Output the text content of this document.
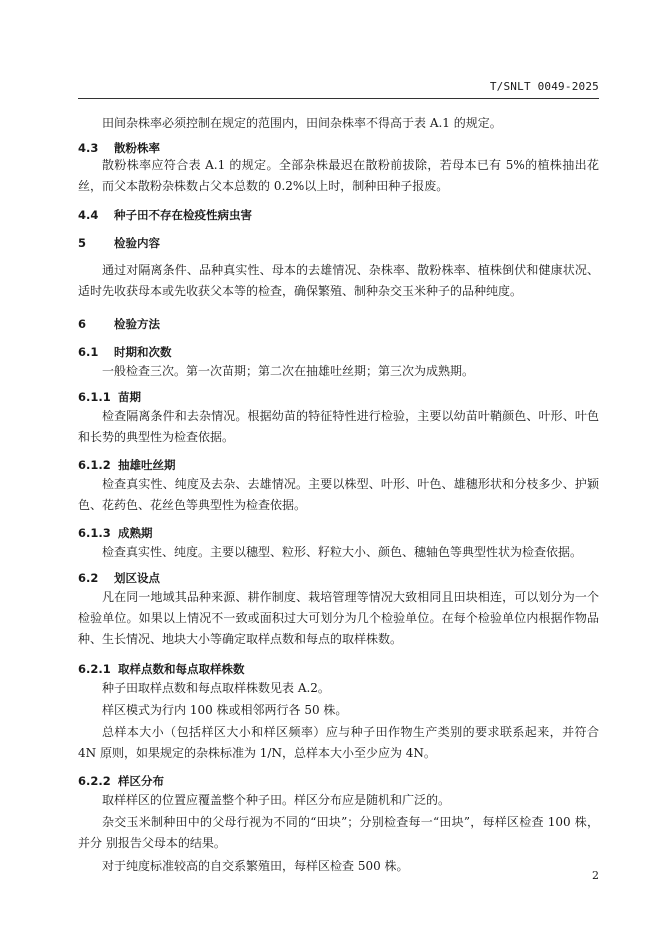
T/SNLT 0049-2025
田间杂株率必须控制在规定的范围内，田间杂株率不得高于表 A.1 的规定。
4.3 散粉株率
散粉株率应符合表 A.1 的规定。全部杂株最迟在散粉前拔除，若母本已有 5%的植株抽出花丝，而父本散粉杂株数占父本总数的 0.2%以上时，制种田种子报废。
4.4 种子田不存在检疫性病虫害
5 检验内容
通过对隔离条件、品种真实性、母本的去雄情况、杂株率、散粉株率、植株倒伏和健康状况、适时先收获母本或先收获父本等的检查，确保繁殖、制种杂交玉米种子的品种纯度。
6 检验方法
6.1 时期和次数
一般检查三次。第一次苗期；第二次在抽雄吐丝期；第三次为成熟期。
6.1.1 苗期
检查隔离条件和去杂情况。根据幼苗的特征特性进行检验，主要以幼苗叶鞘颜色、叶形、叶色和长势的典型性为检查依据。
6.1.2 抽雄吐丝期
检查真实性、纯度及去杂、去雄情况。主要以株型、叶形、叶色、雄穗形状和分枝多少、护颖色、花药色、花丝色等典型性为检查依据。
6.1.3 成熟期
检查真实性、纯度。主要以穗型、粒形、籽粒大小、颜色、穗轴色等典型性状为检查依据。
6.2 划区设点
凡在同一地域其品种来源、耕作制度、栽培管理等情况大致相同且田块相连，可以划分为一个检验单位。如果以上情况不一致或面积过大可划分为几个检验单位。在每个检验单位内根据作物品种、生长情况、地块大小等确定取样点数和每点的取样株数。
6.2.1 取样点数和每点取样株数
种子田取样点数和每点取样株数见表 A.2。
样区模式为行内 100 株或相邻两行各 50 株。
总样本大小（包括样区大小和样区频率）应与种子田作物生产类别的要求联系起来，并符合 4N 原则，如果规定的杂株标准为 1/N，总样本大小至少应为 4N。
6.2.2 样区分布
取样样区的位置应覆盖整个种子田。样区分布应是随机和广泛的。
杂交玉米制种田中的父母行视为不同的“田块”；分别检查每一“田块”，每样区检查 100 株，并分 别报告父母本的结果。
对于纯度标准较高的自交系繁殖田，每样区检查 500 株。
2
